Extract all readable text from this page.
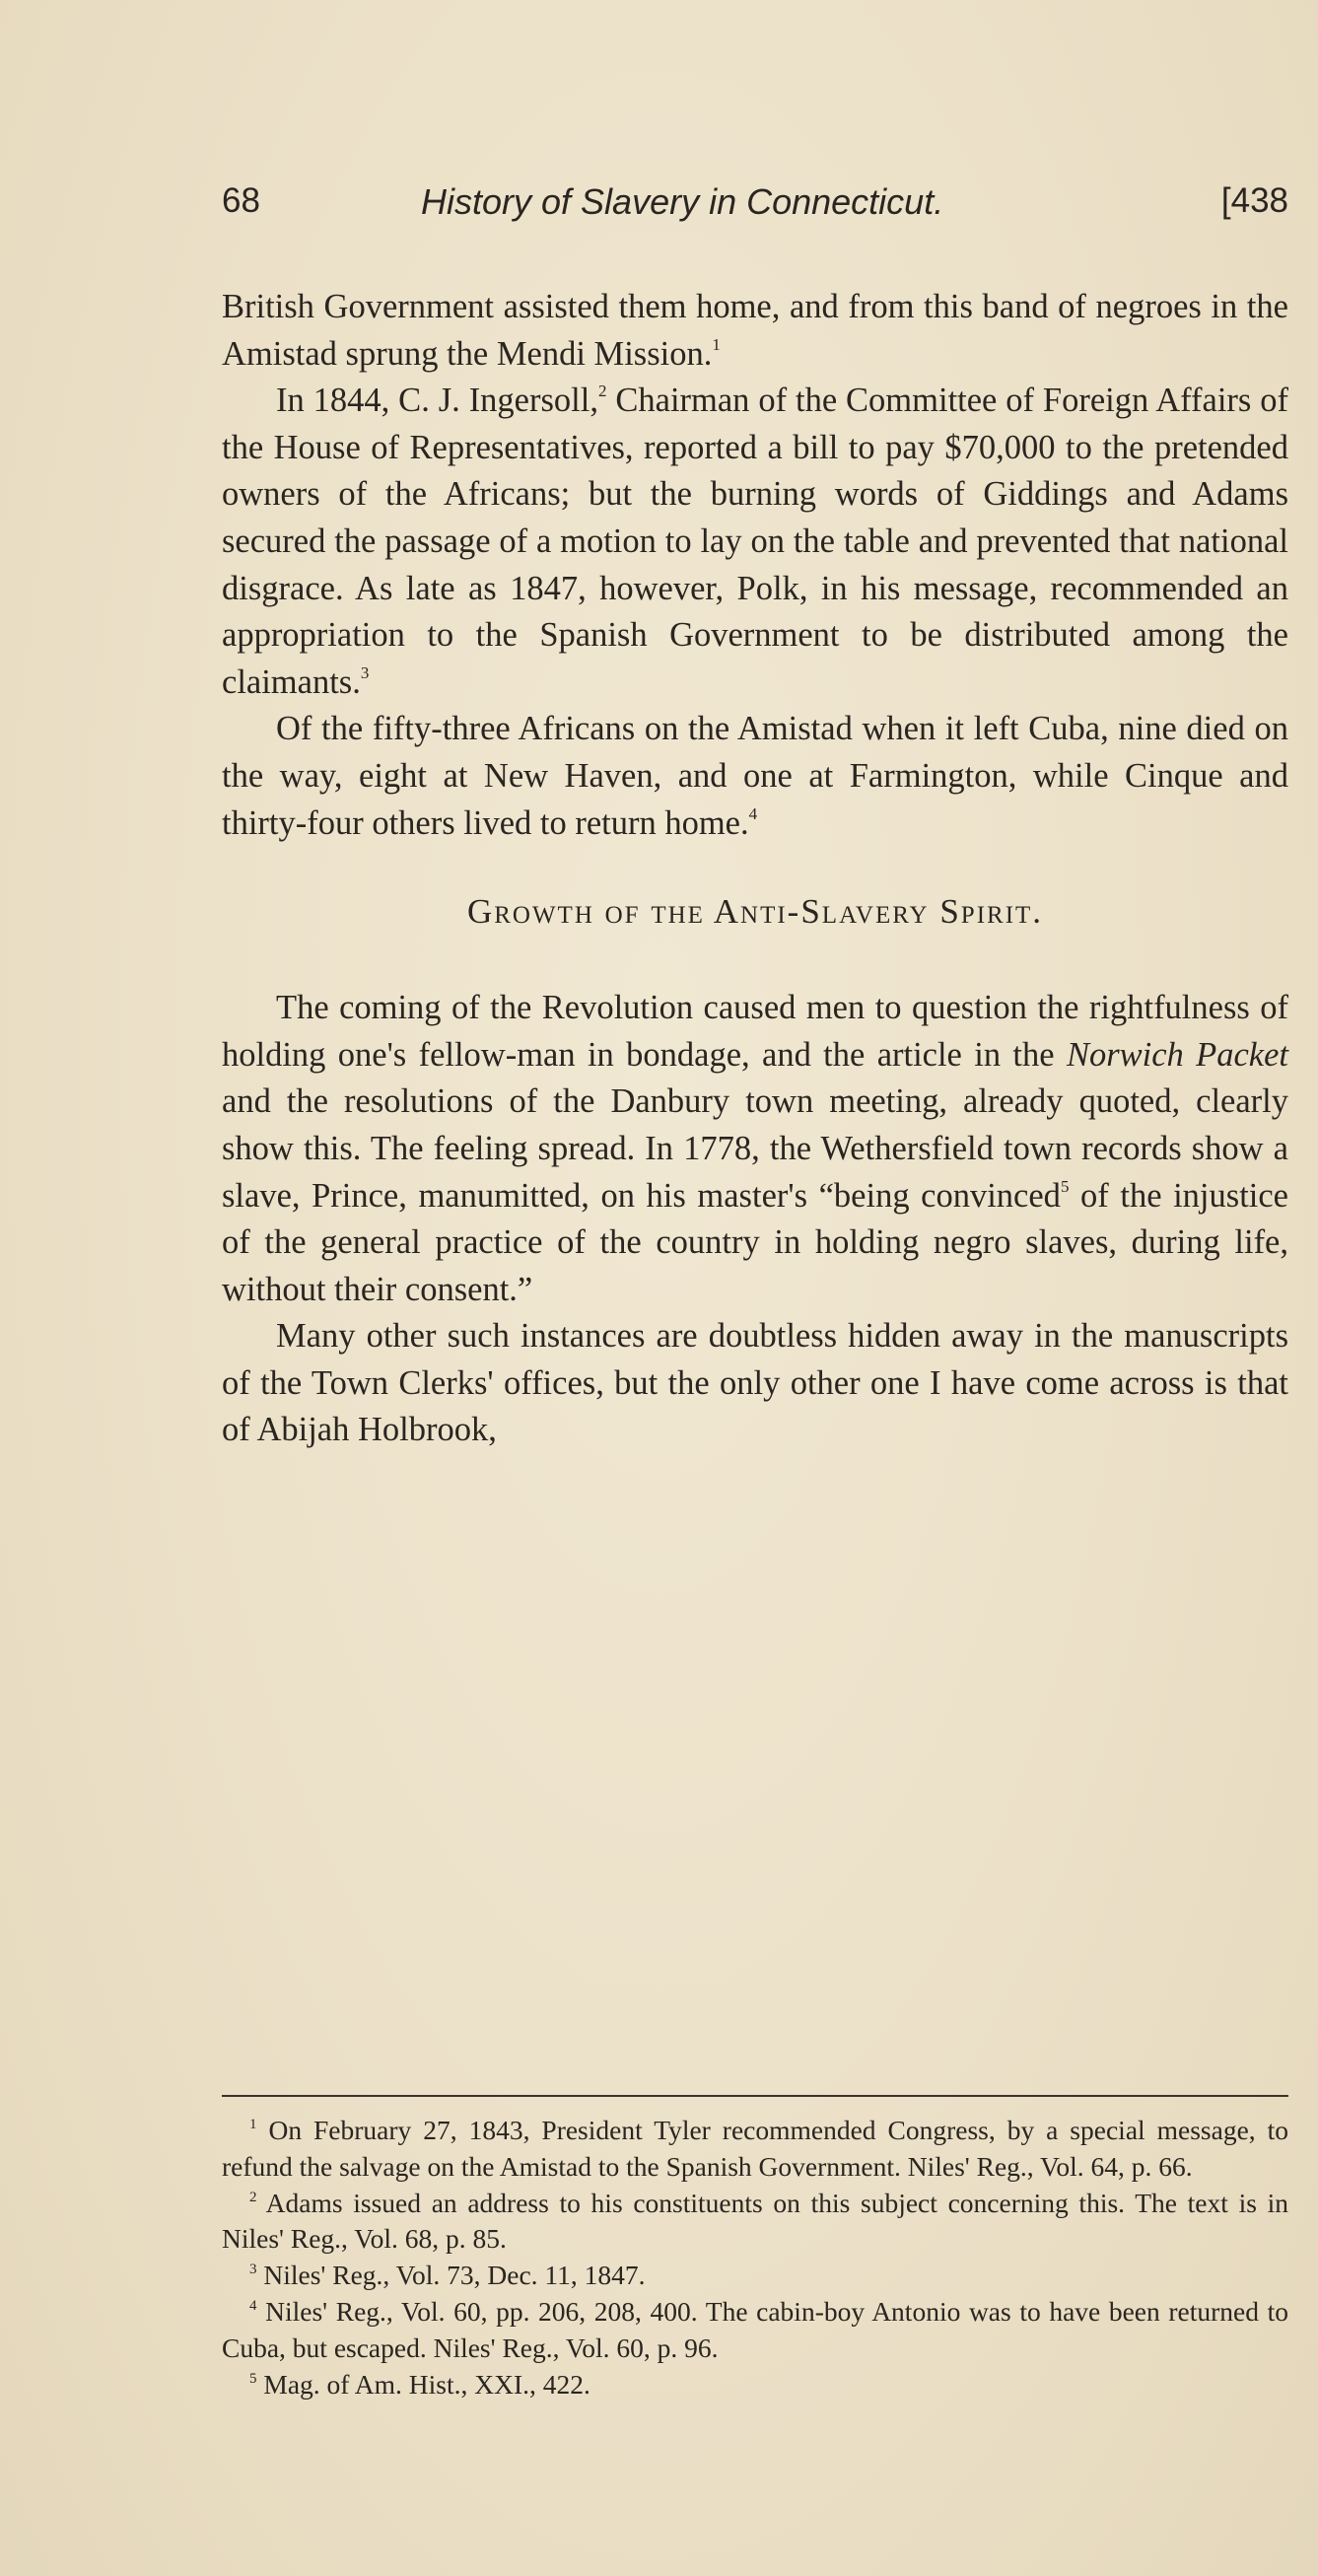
68	History of Slavery in Connecticut.	[438

British Government assisted them home, and from this band of negroes in the Amistad sprung the Mendi Mission.$^1$

In 1844, C. J. Ingersoll,$^2$ Chairman of the Committee of Foreign Affairs of the House of Representatives, reported a bill to pay $70,000 to the pretended owners of the Africans; but the burning words of Giddings and Adams secured the passage of a motion to lay on the table and prevented that national disgrace. As late as 1847, however, Polk, in his message, recommended an appropriation to the Spanish Government to be distributed among the claimants.$^3$

Of the fifty-three Africans on the Amistad when it left Cuba, nine died on the way, eight at New Haven, and one at Farmington, while Cinque and thirty-four others lived to return home.$^4$

Growth of the Anti-Slavery Spirit.

The coming of the Revolution caused men to question the rightfulness of holding one's fellow-man in bondage, and the article in the Norwich Packet and the resolutions of the Danbury town meeting, already quoted, clearly show this. The feeling spread. In 1778, the Wethersfield town records show a slave, Prince, manumitted, on his master's “being convinced$^5$ of the injustice of the general practice of the country in holding negro slaves, during life, without their consent.”

Many other such instances are doubtless hidden away in the manuscripts of the Town Clerks' offices, but the only other one I have come across is that of Abijah Holbrook,

$^1$ On February 27, 1843, President Tyler recommended Congress, by a special message, to refund the salvage on the Amistad to the Spanish Government. Niles' Reg., Vol. 64, p. 66.

$^2$ Adams issued an address to his constituents on this subject concerning this. The text is in Niles' Reg., Vol. 68, p. 85.

$^3$ Niles' Reg., Vol. 73, Dec. 11, 1847.

$^4$ Niles' Reg., Vol. 60, pp. 206, 208, 400. The cabin-boy Antonio was to have been returned to Cuba, but escaped. Niles' Reg., Vol. 60, p. 96.

$^5$ Mag. of Am. Hist., XXI., 422.
